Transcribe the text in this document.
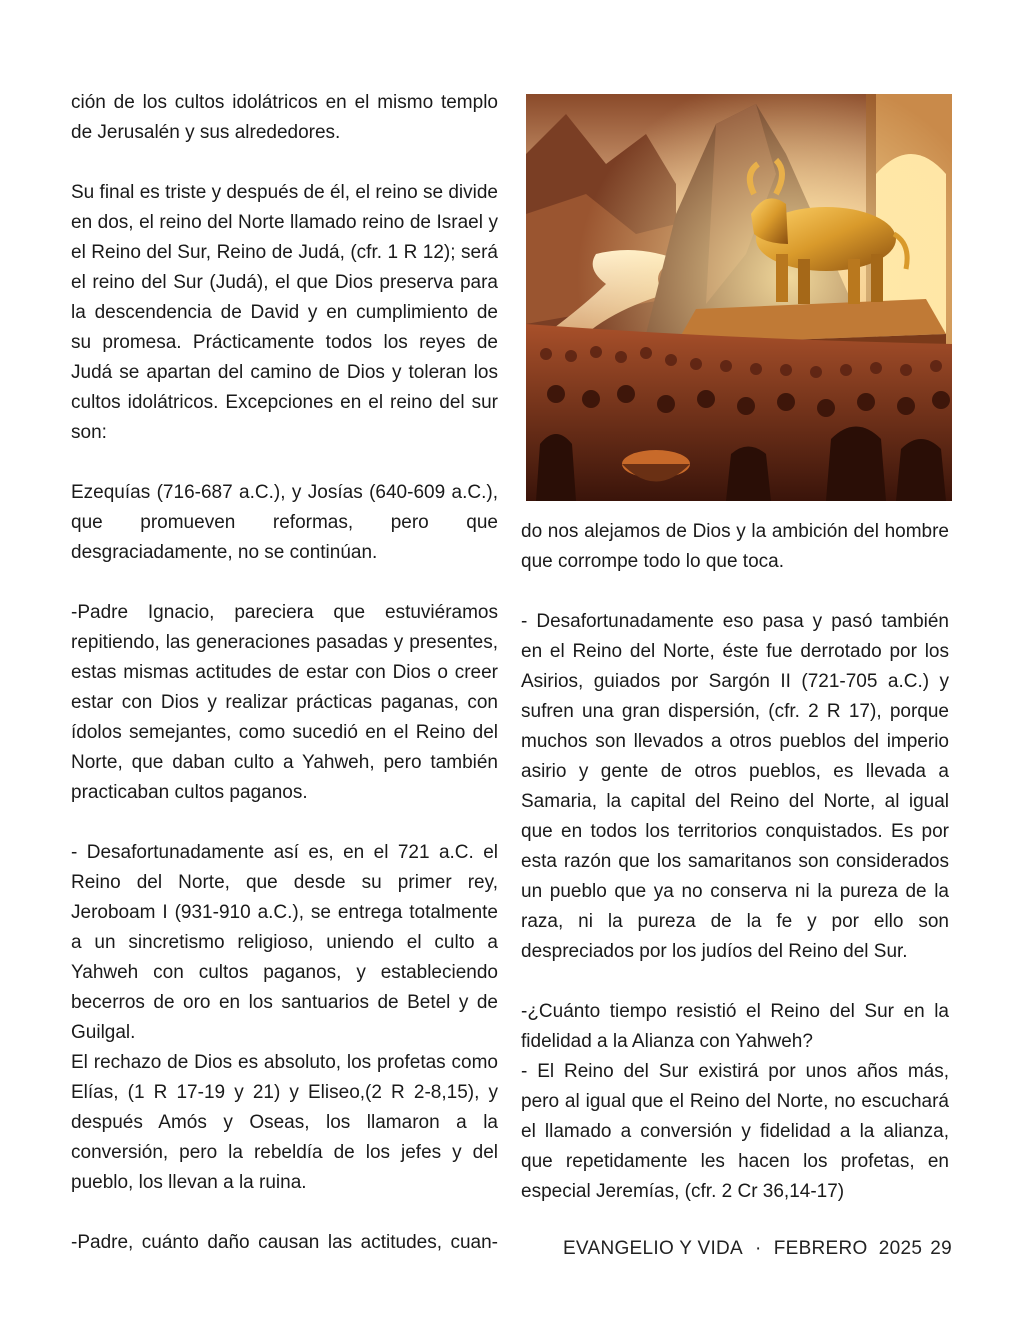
ción de los cultos idolátricos en el mismo templo de Jerusalén y sus alrededores.

Su final es triste y después de él, el reino se divide en dos, el reino del Norte llamado reino de Israel y el Reino del Sur, Reino de Judá, (cfr. 1 R 12); será el reino del Sur (Judá), el que Dios preserva para la descendencia de David y en cumplimiento de su promesa. Prácticamente todos los reyes de Judá se apartan del camino de Dios y toleran los cultos idolátricos. Excepciones en el reino del sur son:

Ezequías (716-687 a.C.), y Josías (640-609 a.C.), que promueven reformas, pero que desgraciadamente, no se continúan.

-Padre Ignacio, pareciera que estuviéramos repitiendo, las generaciones pasadas y presentes, estas mismas actitudes de estar con Dios o creer estar con Dios y realizar prácticas paganas, con ídolos semejantes, como sucedió en el Reino del Norte, que daban culto a Yahweh, pero también practicaban cultos paganos.

- Desafortunadamente así es, en el 721 a.C. el Reino del Norte, que desde su primer rey, Jeroboam I (931-910 a.C.), se entrega totalmente a un sincretismo religioso, uniendo el culto a Yahweh con cultos paganos, y estableciendo becerros de oro en los santuarios de Betel y de Guilgal.

El rechazo de Dios es absoluto, los profetas como Elías, (1 R 17-19 y 21) y Eliseo,(2 R 2-8,15), y después Amós y Oseas, los llamaron a la conversión, pero la rebeldía de los jefes y del pueblo, los llevan a la ruina.

-Padre, cuánto daño causan las actitudes, cuan-

do nos alejamos de Dios y la ambición del hombre que corrompe todo lo que toca.

- Desafortunadamente eso pasa y pasó también en el Reino del Norte, éste fue derrotado por los Asirios, guiados por Sargón II (721-705 a.C.) y sufren una gran dispersión, (cfr. 2 R 17), porque muchos son llevados a otros pueblos del imperio asirio y gente de otros pueblos, es llevada a Samaria, la capital del Reino del Norte, al igual que en todos los territorios conquistados. Es por esta razón que los samaritanos son considerados un pueblo que ya no conserva ni la pureza de la raza, ni la pureza de la fe y por ello son despreciados por los judíos del Reino del Sur.

-¿Cuánto tiempo resistió el Reino del Sur en la fidelidad a la Alianza con Yahweh?

- El Reino del Sur existirá por unos años más, pero al igual que el Reino del Norte, no escuchará el llamado a conversión y fidelidad a la alianza, que repetidamente les hacen los profetas, en especial Jeremías, (cfr. 2 Cr 36,14-17)

EVANGELIO Y VIDA · FEBRERO  2025 29
